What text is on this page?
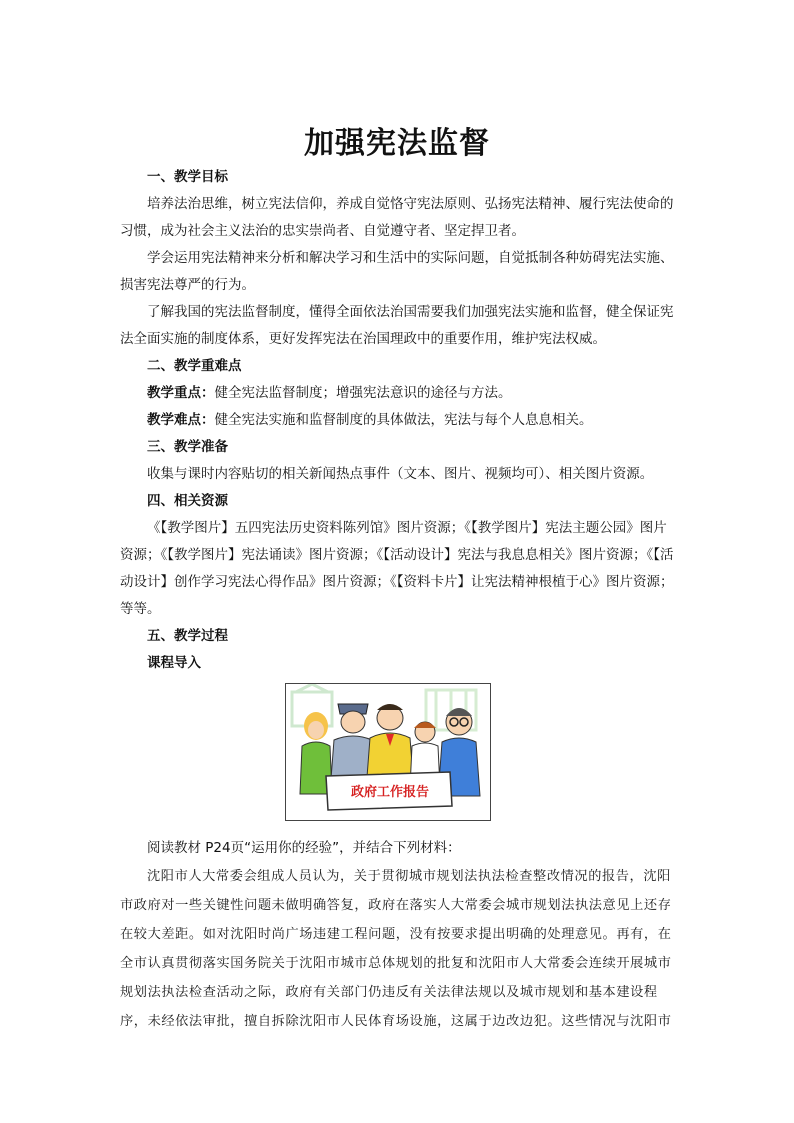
加强宪法监督
一、教学目标
培养法治思维，树立宪法信仰，养成自觉恪守宪法原则、弘扬宪法精神、履行宪法使命的习惯，成为社会主义法治的忠实崇尚者、自觉遵守者、坚定捍卫者。
学会运用宪法精神来分析和解决学习和生活中的实际问题，自觉抵制各种妨碍宪法实施、损害宪法尊严的行为。
了解我国的宪法监督制度，懂得全面依法治国需要我们加强宪法实施和监督，健全保证宪法全面实施的制度体系，更好发挥宪法在治国理政中的重要作用，维护宪法权威。
二、教学重难点
教学重点：健全宪法监督制度；增强宪法意识的途径与方法。
教学难点：健全宪法实施和监督制度的具体做法，宪法与每个人息息相关。
三、教学准备
收集与课时内容贴切的相关新闻热点事件（文本、图片、视频均可）、相关图片资源。
四、相关资源
《【教学图片】五四宪法历史资料陈列馆》图片资源；《【教学图片】宪法主题公园》图片资源；《【教学图片】宪法诵读》图片资源；《【活动设计】宪法与我息息相关》图片资源；《【活动设计】创作学习宪法心得作品》图片资源；《【资料卡片】让宪法精神根植于心》图片资源；等等。
五、教学过程
课程导入
政府工作报告
阅读教材 P24页“运用你的经验”，并结合下列材料：
沈阳市人大常委会组成人员认为，关于贯彻城市规划法执法检查整改情况的报告，沈阳市政府对一些关键性问题未做明确答复，政府在落实人大常委会城市规划法执法意见上还存在较大差距。如对沈阳时尚广场违建工程问题，没有按要求提出明确的处理意见。再有，在全市认真贯彻落实国务院关于沈阳市城市总体规划的批复和沈阳市人大常委会连续开展城市规划法执法检查活动之际，政府有关部门仍违反有关法律法规以及城市规划和基本建设程序，未经依法审批，擅自拆除沈阳市人民体育场设施，这属于边改边犯。这些情况与沈阳市
